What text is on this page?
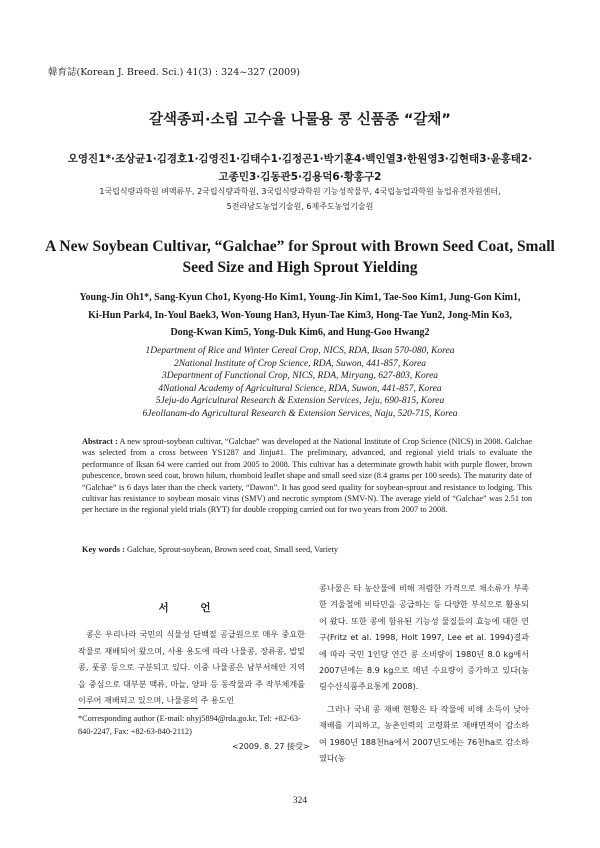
韓育誌(Korean J. Breed. Sci.) 41(3) : 324~327 (2009)
갈색종피·소립 고수율 나물용 콩 신품종 “갈채”
오영진1*·조상균1·김경호1·김영진1·김태수1·김정곤1·박기훈4·백인열3·한원영3·김현태3·윤홍태2·
고종민3·김동관5·김용덕6·황홍구2
1국립식량과학원 벼맥류부, 2국립식량과학원, 3국립식량과학원 기능성작물부, 4국립농업과학원 농업유전자원센터,
5전라남도농업기술원, 6제주도농업기술원
A New Soybean Cultivar, “Galchae” for Sprout with Brown Seed Coat, Small
Seed Size and High Sprout Yielding
Young-Jin Oh1*, Sang-Kyun Cho1, Kyong-Ho Kim1, Young-Jin Kim1, Tae-Soo Kim1, Jung-Gon Kim1,
Ki-Hun Park4, In-Youl Baek3, Won-Young Han3, Hyun-Tae Kim3, Hong-Tae Yun2, Jong-Min Ko3,
Dong-Kwan Kim5, Yong-Duk Kim6, and Hung-Goo Hwang2
1Department of Rice and Winter Cereal Crop, NICS, RDA, Iksan 570-080, Korea
2National Institute of Crop Science, RDA, Suwon, 441-857, Korea
3Department of Functional Crop, NICS, RDA, Miryang, 627-803, Korea
4National Academy of Agricultural Science, RDA, Suwon, 441-857, Korea
5Jeju-do Agricultural Research & Extension Services, Jeju, 690-815, Korea
6Jeollanam-do Agricultural Research & Extension Services, Naju, 520-715, Korea
Abstract : A new sprout-soybean cultivar, “Galchae” was developed at the National Institute of Crop Science (NICS) in 2008. Galchae was selected from a cross between YS1287 and Jinju#1. The preliminary, advanced, and regional yield trials to evaluate the performance of Iksan 64 were carried out from 2005 to 2008. This cultivar has a determinate growth habit with purple flower, brown pubescence, brown seed coat, brown hilum, rhomboid leaflet shape and small seed size (8.4 grams per 100 seeds). The maturity date of “Galchae” is 6 days later than the check variety, “Dawon”. It has good seed quality for soybean-sprout and resistance to lodging. This cultivar has resistance to soybean mosaic virus (SMV) and necrotic symptom (SMV-N). The average yield of “Galchae” was 2.51 ton per hectare in the regional yield trials (RYT) for double cropping carried out for two years from 2007 to 2008.
Key words : Galchae, Sprout-soybean, Brown seed coat, Small seed, Variety
서 언

콩은 우리나라 국민의 식물성 단백질 공급원으로 매우 중요한 작물로 재배되어 왔으며, 사용 용도에 따라 나물콩, 장류콩, 밥밑콩, 풋콩 등으로 구분되고 있다. 이중 나물콩은 남부서해안 지역을 중심으로 대부분 맥류, 마늘, 양파 등 동작물과 주 작부체계를 이루어 재배되고 있으며, 나물콩의 주 용도인

콩나물은 타 농산물에 비해 저렴한 가격으로 채소류가 부족한 겨울철에 비타민을 공급하는 등 다양한 부식으로 활용되어 왔다. 또한 콩에 함유된 기능성 물질들의 효능에 대한 연구(Fritz et al. 1998, Holt 1997, Lee et al. 1994)결과에 따라 국민 1인당 연간 콩 소비량이 1980년 8.0 kg에서 2007년에는 8.9 kg으로 매년 수요량이 증가하고 있다(농림수산식품주요통계 2008).

그러나 국내 콩 재배 현황은 타 작물에 비해 소득이 낮아 재배를 기피하고, 농촌인력의 고령화로 재배면적이 감소하여 1980년 188천ha에서 2007년도에는 76천ha로 감소하였다(농

*Corresponding author (E-mail: ohyj5894@rda.go.kr, Tel: +82-63-840-2247, Fax: +82-63-840-2112)
<2009. 8. 27 接受>
324
